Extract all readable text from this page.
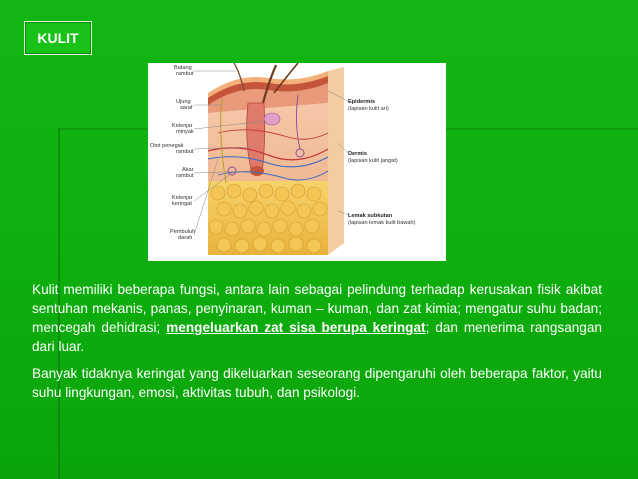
KULIT
Batang
rambut
Ujung
saraf
Kelenjar
minyak
Otot penegak
rambut
Akar
rambut
Kelenjar
keringat
Pembuluh
darah
Epidermis
(lapisan kulit ari)
Dermis
(lapisan kulit jangat)
Lemak subkutan
(lapisan lemak kulit bawah)

Kulit memiliki beberapa fungsi, antara lain sebagai pelindung terhadap kerusakan fisik akibat sentuhan mekanis, panas, penyinaran, kuman – kuman, dan zat kimia; mengatur suhu badan; mencegah dehidrasi; mengeluarkan zat sisa berupa keringat; dan menerima rangsangan dari luar.

Banyak tidaknya keringat yang dikeluarkan seseorang dipengaruhi oleh beberapa faktor, yaitu suhu lingkungan, emosi, aktivitas tubuh, dan psikologi.
